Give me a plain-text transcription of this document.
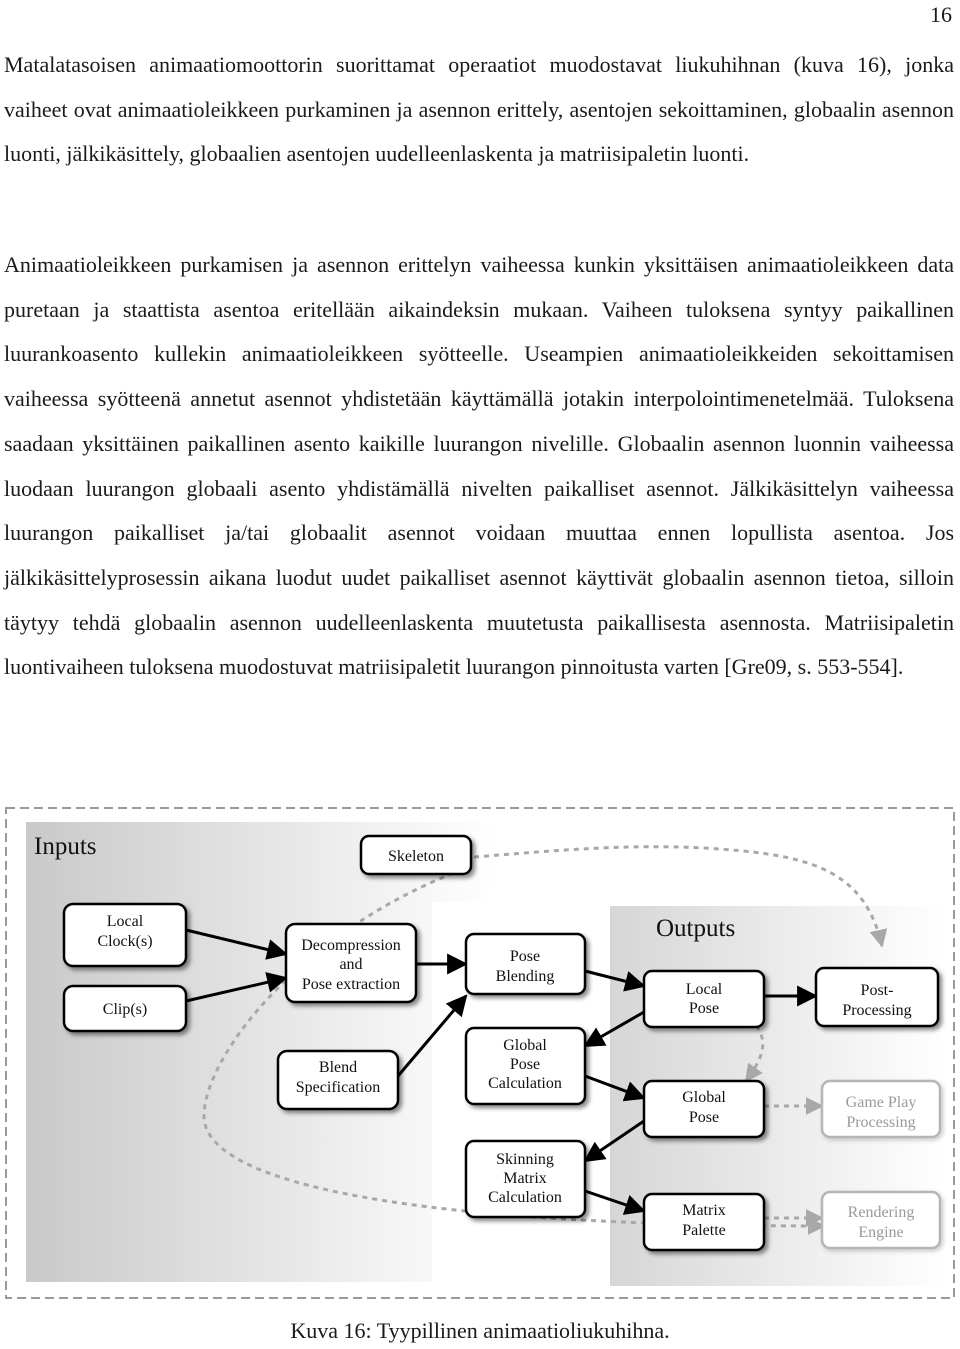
16

Matalatasoisen animaatiomoottorin suorittamat operaatiot muodostavat liukuhihnan (kuva 16), jonka vaiheet ovat animaatioleikkeen purkaminen ja asennon erittely, asentojen sekoittaminen, globaalin asennon luonti, jälkikäsittely, globaalien asentojen uudelleenlaskenta ja matriisipaletin luonti.

Animaatioleikkeen purkamisen ja asennon erittelyn vaiheessa kunkin yksittäisen animaatioleikkeen data puretaan ja staattista asentoa eritellään aikaindeksin mukaan. Vaiheen tuloksena syntyy paikallinen luurankoasento kullekin animaatioleikkeen syötteelle. Useampien animaatioleikkeiden sekoittamisen vaiheessa syötteenä annetut asennot yhdistetään käyttämällä jotakin interpolointimenetelmää. Tuloksena saadaan yksittäinen paikallinen asento kaikille luurangon nivelille. Globaalin asennon luonnin vaiheessa luodaan luurangon globaali asento yhdistämällä nivelten paikalliset asennot. Jälkikäsittelyn vaiheessa luurangon paikalliset ja/tai globaalit asennot voidaan muuttaa ennen lopullista asentoa. Jos jälkikäsittelyprosessin aikana luodut uudet paikalliset asennot käyttivät globaalin asennon tietoa, silloin täytyy tehdä globaalin asennon uudelleenlaskenta muutetusta paikallisesta asennosta. Matriisipaletin luontivaiheen tuloksena muodostuvat matriisipaletit luurangon pinnoitusta varten [Gre09, s. 553-554].

Inputs
Outputs
Skeleton
Local
Clock(s)
Clip(s)
Decompression
and
Pose extraction
Blend
Specification
Pose
Blending
Global
Pose
Calculation
Skinning
Matrix
Calculation
Local
Pose
Global
Pose
Matrix
Palette
Post-
Processing
Game Play
Processing
Rendering
Engine
Kuva 16: Tyypillinen animaatioliukuhihna.
